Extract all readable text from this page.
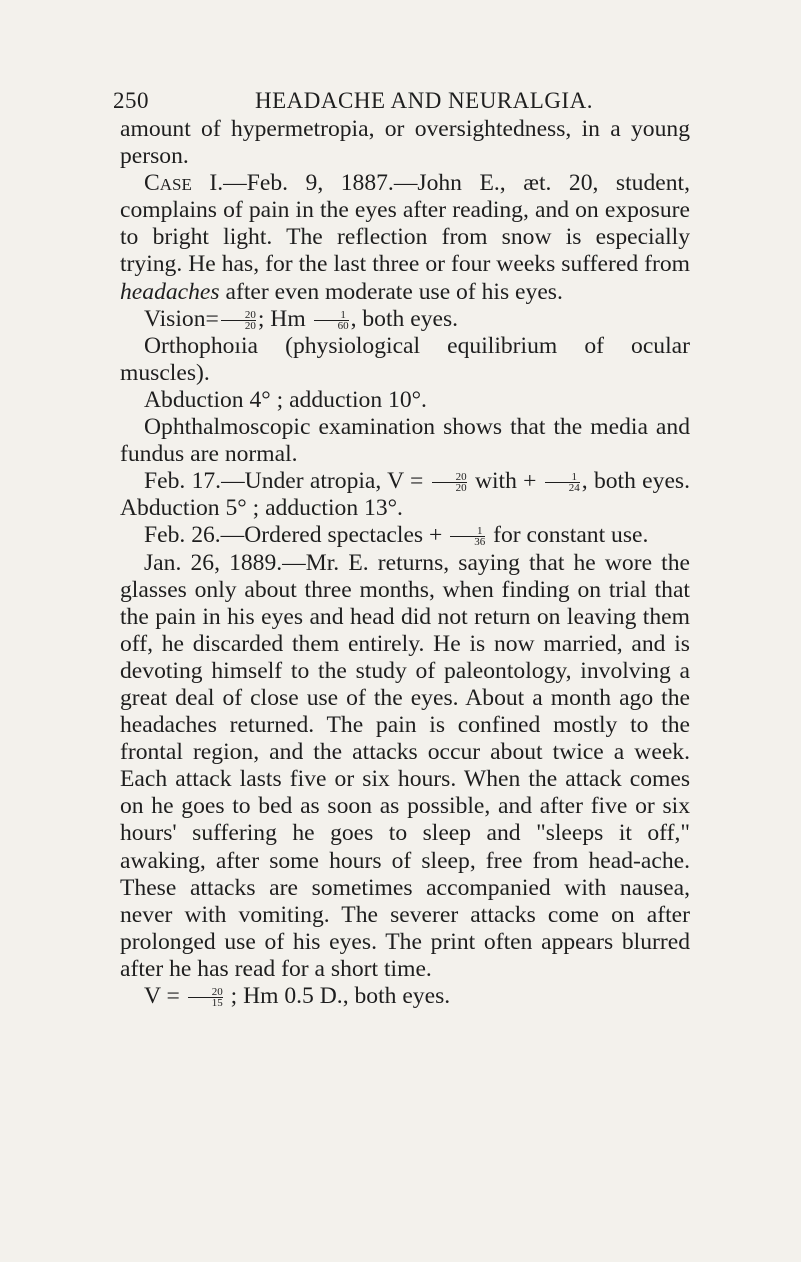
250	HEADACHE AND NEURALGIA.

amount of hypermetropia, or oversightedness, in a young person.

Case I.—Feb. 9, 1887.—John E., æt. 20, student, complains of pain in the eyes after reading, and on exposure to bright light. The reflection from snow is especially trying. He has, for the last three or four weeks suffered from headaches after even moderate use of his eyes.

Vision= $\frac{20}{20}$ ; Hm $\frac{1}{60}$ , both eyes.

Orthophoıia (physiological equilibrium of ocular muscles).

Abduction 4° ; adduction 10°.

Ophthalmoscopic examination shows that the media and fundus are normal.

Feb. 17.—Under atropia, $V = \frac{20}{20}$ with + $\frac{1}{24}$ , both eyes. Abduction 5° ; adduction 13°.

Feb. 26.—Ordered spectacles + $\frac{1}{36}$ for constant use.

Jan. 26, 1889.—Mr. E. returns, saying that he wore the glasses only about three months, when finding on trial that the pain in his eyes and head did not return on leaving them off, he discarded them entirely. He is now married, and is devoting himself to the study of paleontology, involving a great deal of close use of the eyes. About a month ago the headaches returned. The pain is confined mostly to the frontal region, and the attacks occur about twice a week. Each attack lasts five or six hours. When the attack comes on he goes to bed as soon as possible, and after five or six hours' suffering he goes to sleep and "sleeps it off," awaking, after some hours of sleep, free from head-ache. These attacks are sometimes accompanied with nausea, never with vomiting. The severer attacks come on after prolonged use of his eyes. The print often appears blurred after he has read for a short time.

$V = \frac{20}{15}$ ; Hm 0.5 D., both eyes.
